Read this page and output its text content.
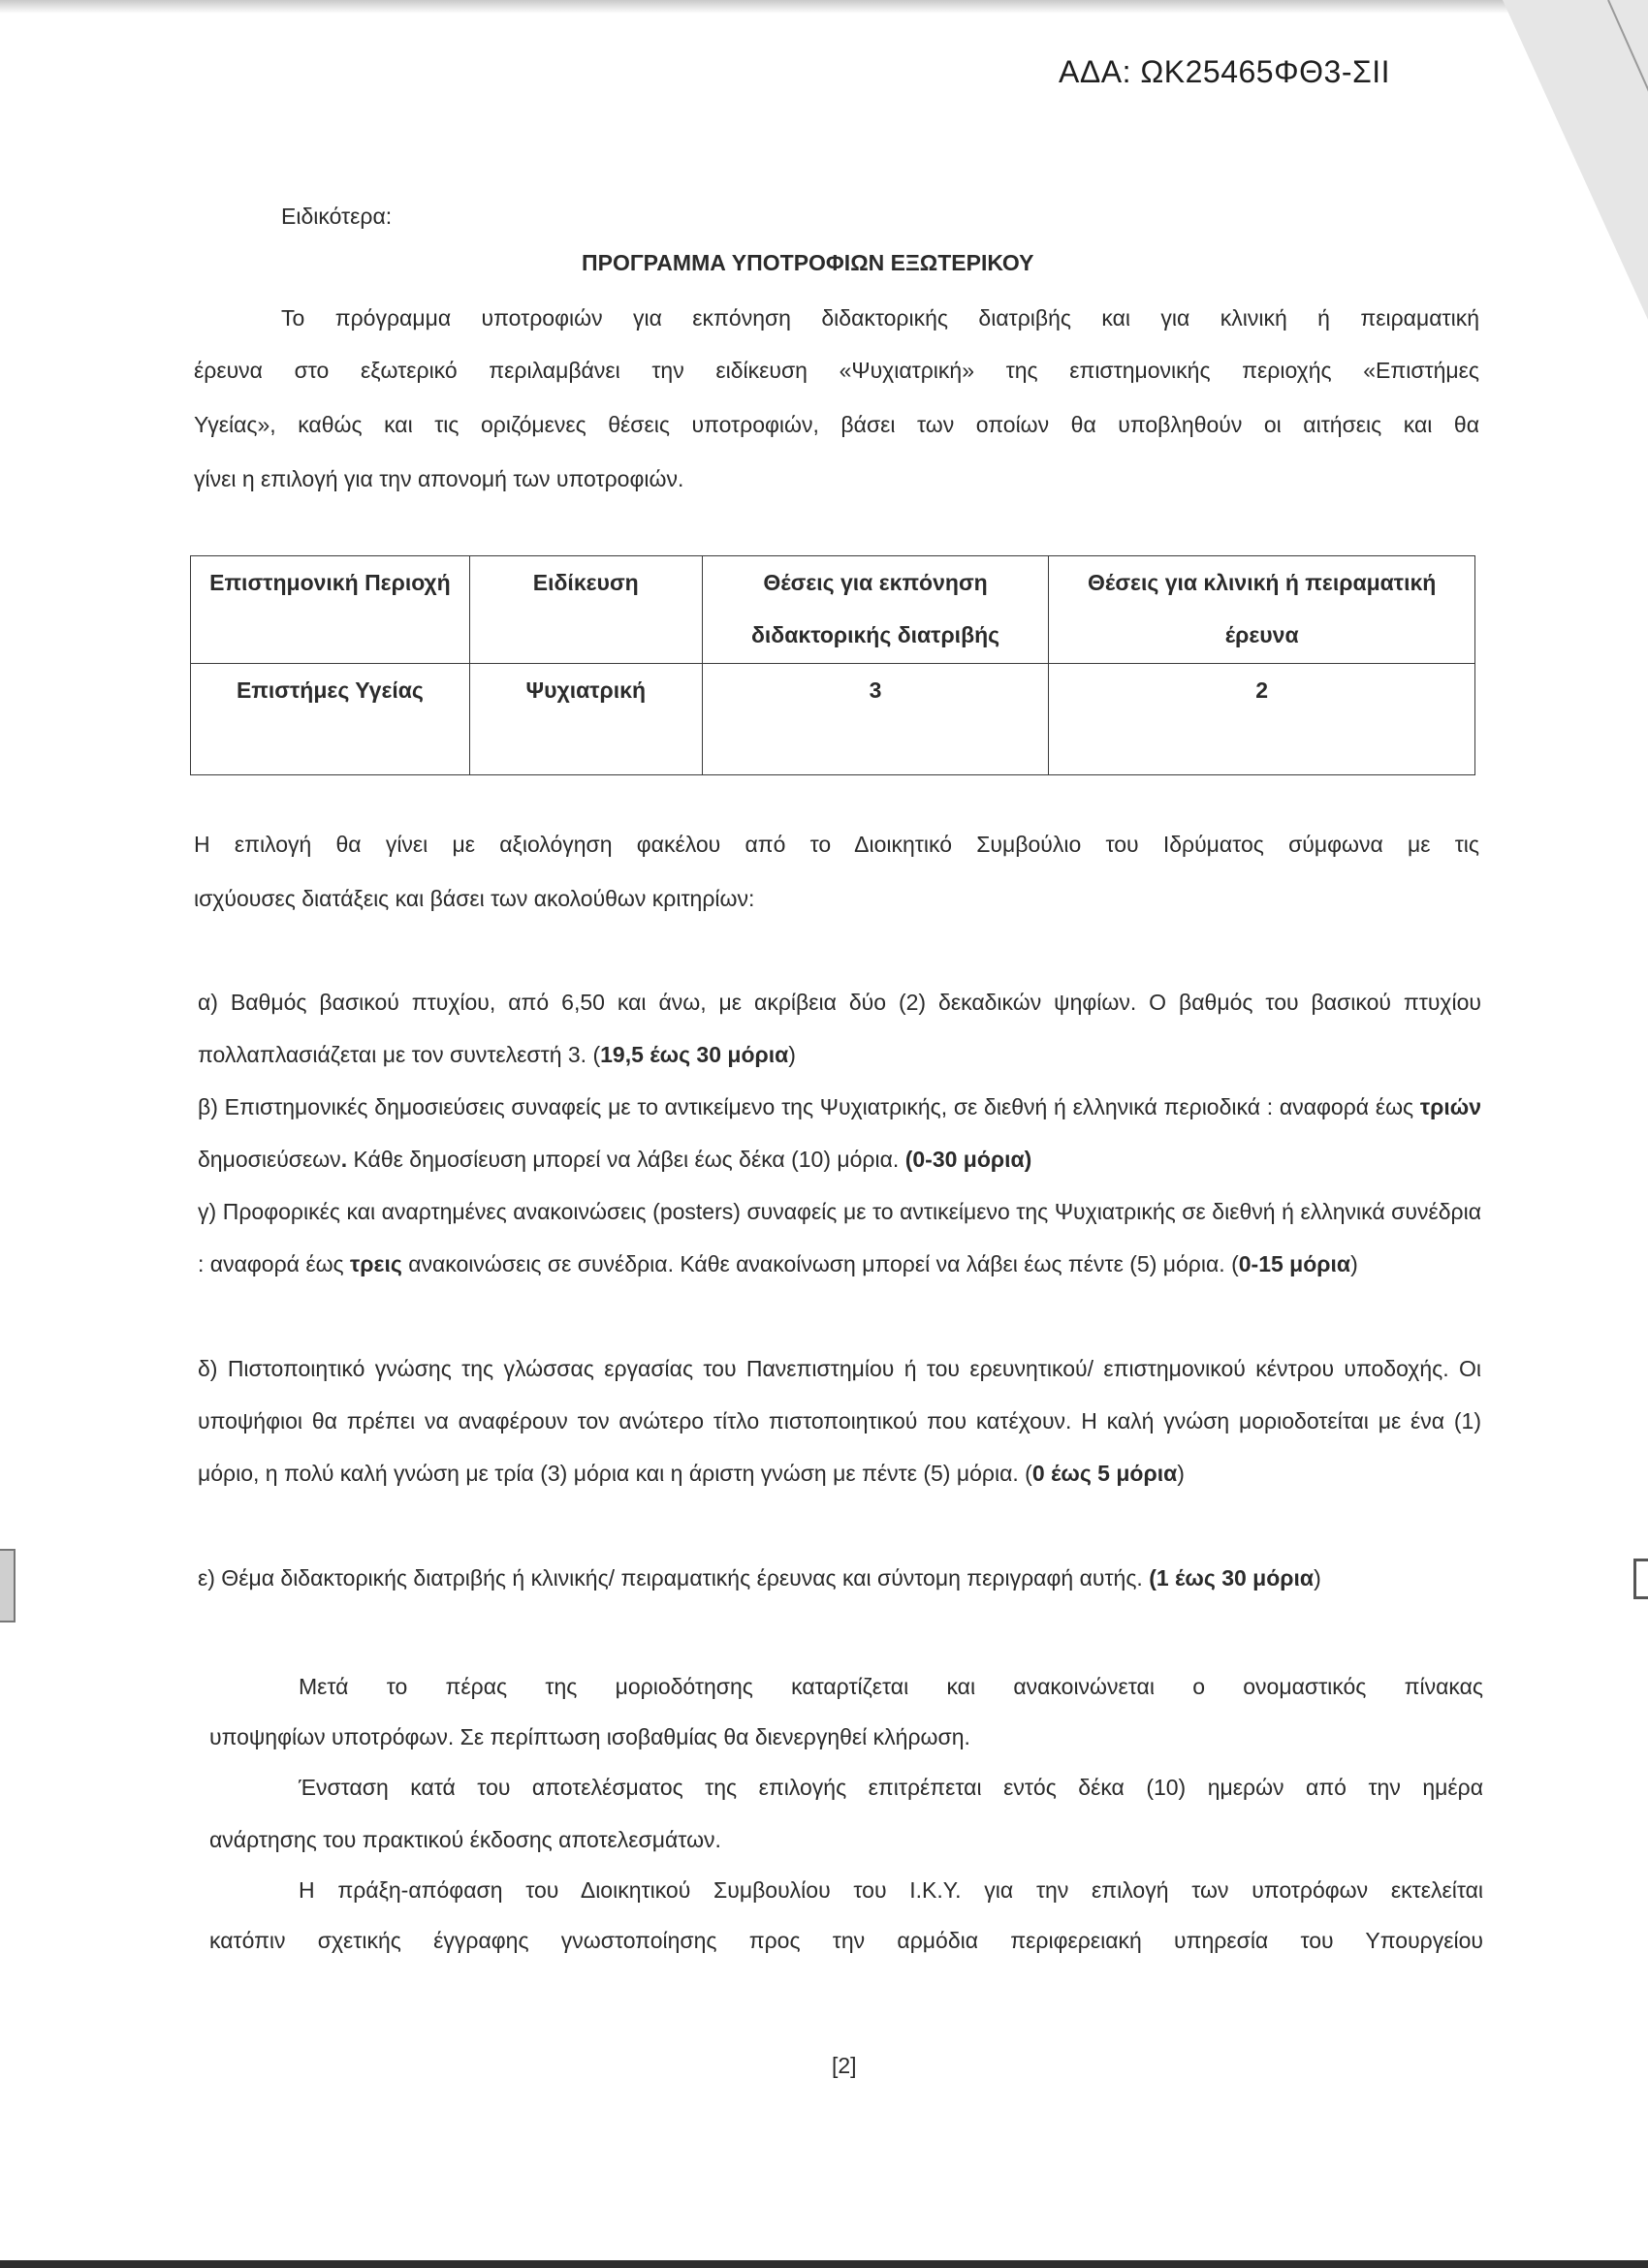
ΑΔΑ: ΩΚ25465ΦΘ3-ΣΙΙ
Ειδικότερα:
ΠΡΟΓΡΑΜΜΑ ΥΠΟΤΡΟΦΙΩΝ ΕΞΩΤΕΡΙΚΟΥ

Το πρόγραμμα υποτροφιών για εκπόνηση διδακτορικής διατριβής και για κλινική ή πειραματική

έρευνα στο εξωτερικό περιλαμβάνει την ειδίκευση «Ψυχιατρική» της επιστημονικής περιοχής «Επιστήμες

Υγείας», καθώς και τις οριζόμενες θέσεις υποτροφιών, βάσει των οποίων θα υποβληθούν οι αιτήσεις και θα

γίνει η επιλογή για την απονομή των υποτροφιών.

Επιστημονική Περιοχή	Ειδίκευση	Θέσεις για εκπόνηση διδακτορικής διατριβής	Θέσεις για κλινική ή πειραματική έρευνα
Επιστήμες Υγείας	Ψυχιατρική	3	2

Η επιλογή θα γίνει με αξιολόγηση φακέλου από το Διοικητικό Συμβούλιο του Ιδρύματος σύμφωνα με τις

ισχύουσες διατάξεις και βάσει των ακολούθων κριτηρίων:

α) Βαθμός βασικού πτυχίου, από 6,50 και άνω, με ακρίβεια δύο (2) δεκαδικών ψηφίων. Ο βαθμός του βασικού πτυχίου πολλαπλασιάζεται με τον συντελεστή 3. (19,5 έως 30 μόρια)

β) Επιστημονικές δημοσιεύσεις συναφείς με το αντικείμενο της Ψυχιατρικής, σε διεθνή ή ελληνικά περιοδικά : αναφορά έως τριών δημοσιεύσεων. Κάθε δημοσίευση μπορεί να λάβει έως δέκα (10) μόρια. (0-30 μόρια)

γ) Προφορικές και αναρτημένες ανακοινώσεις (posters) συναφείς με το αντικείμενο της Ψυχιατρικής σε διεθνή ή ελληνικά συνέδρια : αναφορά έως τρεις ανακοινώσεις σε συνέδρια. Κάθε ανακοίνωση μπορεί να λάβει έως πέντε (5) μόρια. (0-15 μόρια)

δ) Πιστοποιητικό γνώσης της γλώσσας εργασίας του Πανεπιστημίου ή του ερευνητικού/ επιστημονικού κέντρου υποδοχής. Οι υποψήφιοι θα πρέπει να αναφέρουν τον ανώτερο τίτλο πιστοποιητικού που κατέχουν. Η καλή γνώση μοριοδοτείται με ένα (1) μόριο, η πολύ καλή γνώση με τρία (3) μόρια και η άριστη γνώση με πέντε (5) μόρια. (0 έως 5 μόρια)

ε) Θέμα διδακτορικής διατριβής ή κλινικής/ πειραματικής έρευνας και σύντομη περιγραφή αυτής. (1 έως 30 μόρια)

Μετά το πέρας της μοριοδότησης καταρτίζεται και ανακοινώνεται ο ονομαστικός πίνακας

υποψηφίων υποτρόφων. Σε περίπτωση ισοβαθμίας θα διενεργηθεί κλήρωση.

Ένσταση κατά του αποτελέσματος της επιλογής επιτρέπεται εντός δέκα (10) ημερών από την ημέρα

ανάρτησης του πρακτικού έκδοσης αποτελεσμάτων.

Η πράξη-απόφαση του Διοικητικού Συμβουλίου του Ι.Κ.Υ. για την επιλογή των υποτρόφων εκτελείται

κατόπιν σχετικής έγγραφης γνωστοποίησης προς την αρμόδια περιφερειακή υπηρεσία του Υπουργείου

[2]
